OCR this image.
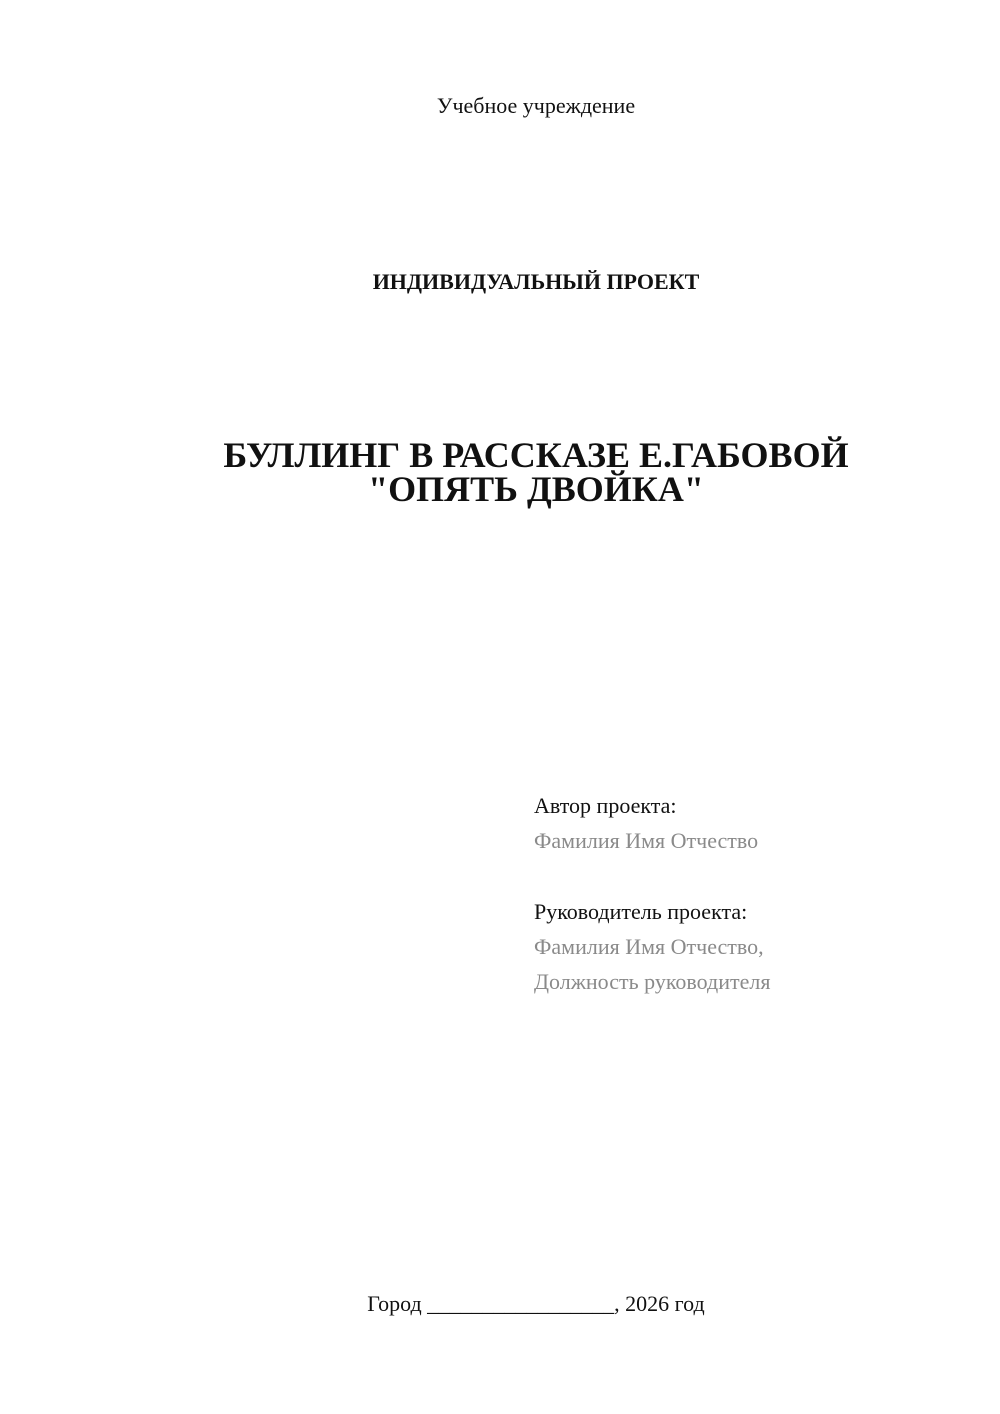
Учебное учреждение
ИНДИВИДУАЛЬНЫЙ ПРОЕКТ
БУЛЛИНГ В РАССКАЗЕ Е.ГАБОВОЙ
"ОПЯТЬ ДВОЙКА"
Автор проекта:
Фамилия Имя Отчество
Руководитель проекта:
Фамилия Имя Отчество,
Должность руководителя
Город _________________, 2026 год
